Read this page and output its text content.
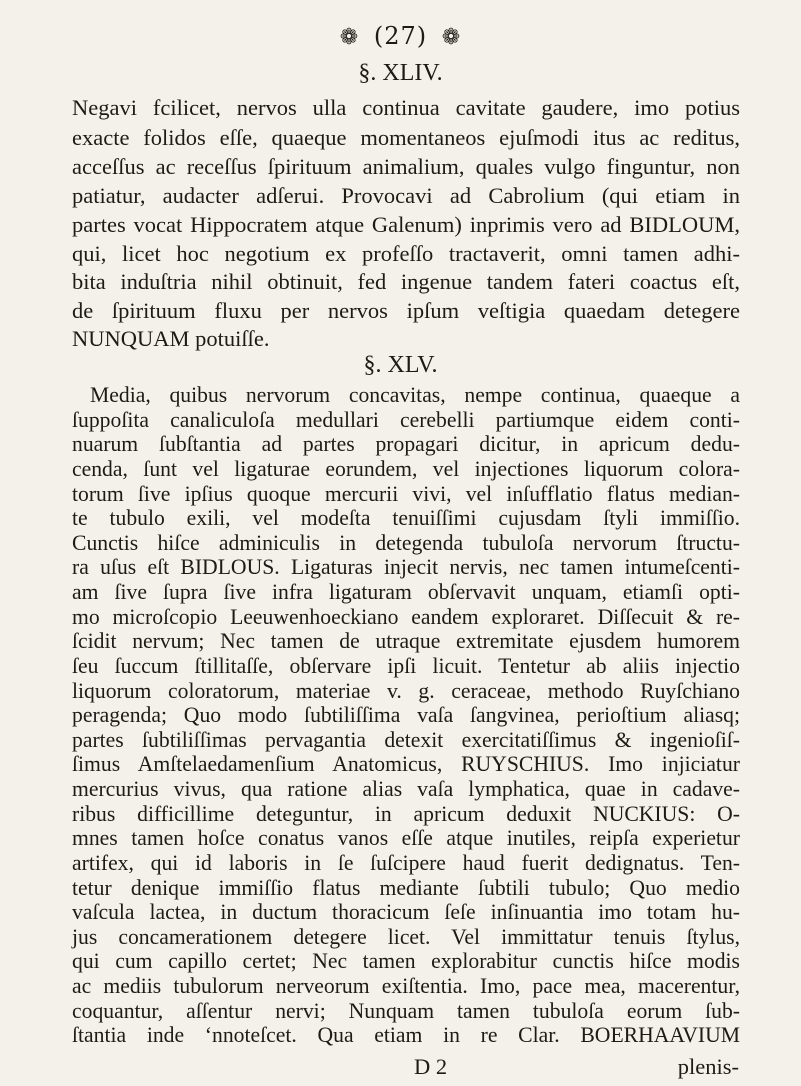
❁ (27) ❁
§. XLIV.
Negavi fcilicet, nervos ulla continua cavitate gaudere, imo potius
exacte folidos eſſe, quaeque momentaneos ejuſmodi itus ac reditus,
acceſſus ac receſſus ſpirituum animalium, quales vulgo finguntur, non
patiatur, audacter adſerui. Provocavi ad Cabrolium (qui etiam in
partes vocat Hippocratem atque Galenum) inprimis vero ad BIDLOUM,
qui, licet hoc negotium ex profeſſo tractaverit, omni tamen adhi-
bita induſtria nihil obtinuit, fed ingenue tandem fateri coactus eſt,
de ſpirituum fluxu per nervos ipſum veſtigia quaedam detegere
NUNQUAM potuiſſe.
§. XLV.
D 2	plenis-
Media, quibus nervorum concavitas, nempe continua, quaeque a
ſuppoſita canaliculoſa medullari cerebelli partiumque eidem conti-
nuarum ſubſtantia ad partes propagari dicitur, in apricum dedu-
cenda, ſunt vel ligaturae eorundem, vel injectiones liquorum colora-
torum ſive ipſius quoque mercurii vivi, vel inſufflatio flatus median-
te tubulo exili, vel modeſta tenuiſſimi cujusdam ſtyli immiſſio.
Cunctis hiſce adminiculis in detegenda tubuloſa nervorum ſtructu-
ra uſus eſt BIDLOUS. Ligaturas injecit nervis, nec tamen intumeſcenti-
am ſive ſupra ſive infra ligaturam obſervavit unquam, etiamſi opti-
mo microſcopio Leeuwenhoeckiano eandem exploraret. Diſſecuit & re-
ſcidit nervum; Nec tamen de utraque extremitate ejusdem humorem
ſeu ſuccum ſtillitaſſe, obſervare ipſi licuit. Tentetur ab aliis injectio
liquorum coloratorum, materiae v. g. ceraceae, methodo Ruyſchiano
peragenda; Quo modo ſubtiliſſima vaſa ſangvinea, perioſtium aliasq;
partes ſubtiliſſimas pervagantia detexit exercitatiſſimus & ingenioſiſ-
ſimus Amſtelaedamenſium Anatomicus, RUYSCHIUS. Imo injiciatur
mercurius vivus, qua ratione alias vaſa lymphatica, quae in cadave-
ribus difficillime deteguntur, in apricum deduxit NUCKIUS: O-
mnes tamen hoſce conatus vanos eſſe atque inutiles, reipſa experietur
artifex, qui id laboris in ſe ſuſcipere haud fuerit dedignatus. Ten-
tetur denique immiſſio flatus mediante ſubtili tubulo; Quo medio
vaſcula lactea, in ductum thoracicum ſeſe inſinuantia imo totam hu-
jus concamerationem detegere licet. Vel immittatur tenuis ſtylus,
qui cum capillo certet; Nec tamen explorabitur cunctis hiſce modis
ac mediis tubulorum nerveorum exiſtentia. Imo, pace mea, macerentur,
coquantur, aſſentur nervi; Nunquam tamen tubuloſa eorum ſub-
ſtantia inde ‘nnoteſcet. Qua etiam in re Clar. BOERHAAVIUM
